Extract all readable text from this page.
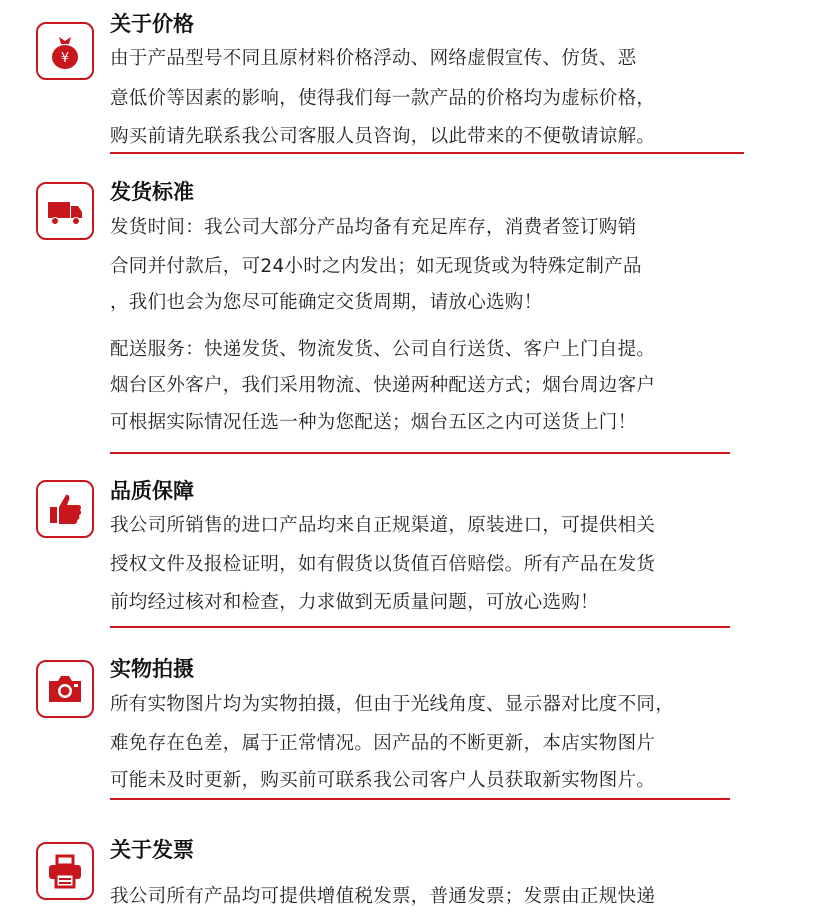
¥
关于价格
由于产品型号不同且原材料价格浮动、网络虚假宣传、仿货、恶
意低价等因素的影响，使得我们每一款产品的价格均为虚标价格，
购买前请先联系我公司客服人员咨询，以此带来的不便敬请谅解。
发货标准
发货时间：我公司大部分产品均备有充足库存，消费者签订购销
合同并付款后，可24小时之内发出；如无现货或为特殊定制产品
，我们也会为您尽可能确定交货周期，请放心选购！
配送服务：快递发货、物流发货、公司自行送货、客户上门自提。
烟台区外客户，我们采用物流、快递两种配送方式；烟台周边客户
可根据实际情况任选一种为您配送；烟台五区之内可送货上门！
品质保障
我公司所销售的进口产品均来自正规渠道，原装进口，可提供相关
授权文件及报检证明，如有假货以货值百倍赔偿。所有产品在发货
前均经过核对和检查，力求做到无质量问题，可放心选购！
实物拍摄
所有实物图片均为实物拍摄，但由于光线角度、显示器对比度不同，
难免存在色差，属于正常情况。因产品的不断更新，本店实物图片
可能未及时更新，购买前可联系我公司客户人员获取新实物图片。
关于发票
我公司所有产品均可提供增值税发票，普通发票；发票由正规快递
